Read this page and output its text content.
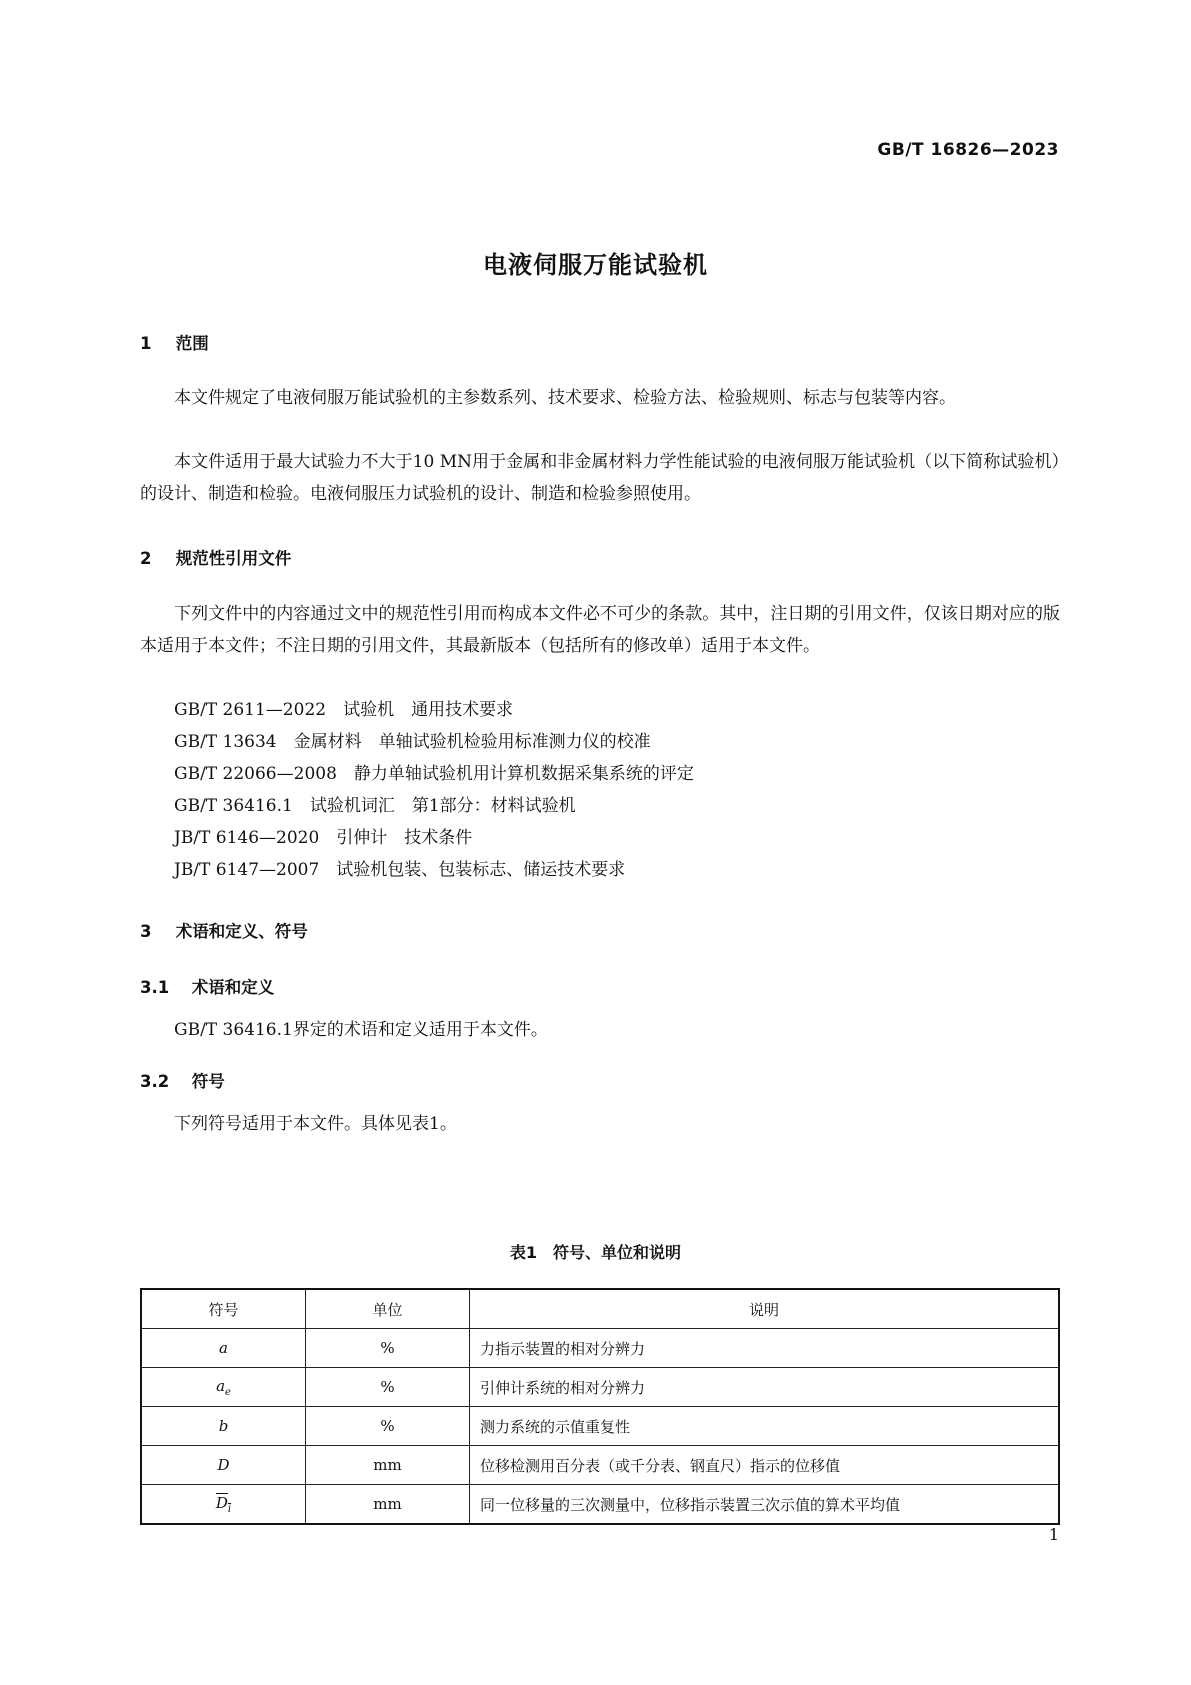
GB/T 16826—2023
电液伺服万能试验机
1 范围
本文件规定了电液伺服万能试验机的主参数系列、技术要求、检验方法、检验规则、标志与包装等内容。
本文件适用于最大试验力不大于10 MN用于金属和非金属材料力学性能试验的电液伺服万能试验机（以下简称试验机）的设计、制造和检验。电液伺服压力试验机的设计、制造和检验参照使用。
2 规范性引用文件
下列文件中的内容通过文中的规范性引用而构成本文件必不可少的条款。其中，注日期的引用文件，仅该日期对应的版本适用于本文件；不注日期的引用文件，其最新版本（包括所有的修改单）适用于本文件。
GB/T 2611—2022　试验机　通用技术要求
GB/T 13634　金属材料　单轴试验机检验用标准测力仪的校准
GB/T 22066—2008　静力单轴试验机用计算机数据采集系统的评定
GB/T 36416.1　试验机词汇　第1部分：材料试验机
JB/T 6146—2020　引伸计　技术条件
JB/T 6147—2007　试验机包装、包装标志、储运技术要求
3 术语和定义、符号
3.1 术语和定义
GB/T 36416.1界定的术语和定义适用于本文件。
3.2 符号
下列符号适用于本文件。具体见表1。
表1　符号、单位和说明
符号	单位	说明
a	%	力指示装置的相对分辨力
$a_e$	%	引伸计系统的相对分辨力
b	%	测力系统的示值重复性
D	mm	位移检测用百分表（或千分表、钢直尺）指示的位移值
$D_i$	mm	同一位移量的三次测量中，位移指示装置三次示值的算术平均值
1
